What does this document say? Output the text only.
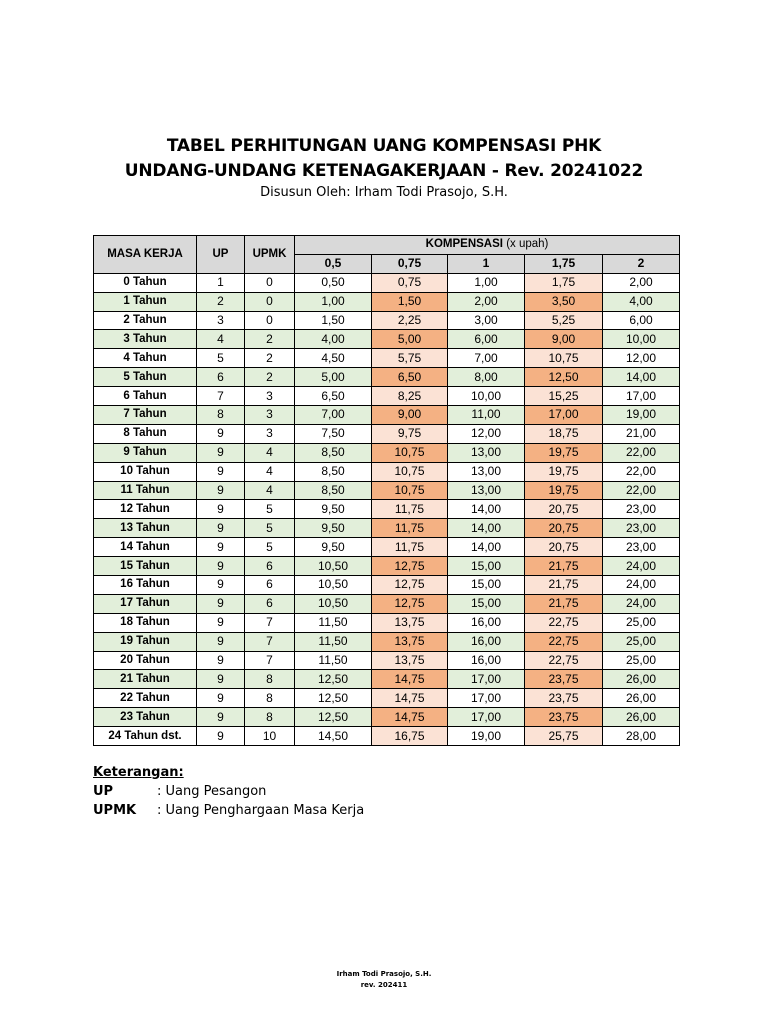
TABEL PERHITUNGAN UANG KOMPENSASI PHK
UNDANG-UNDANG KETENAGAKERJAAN - Rev. 20241022
Disusun Oleh: Irham Todi Prasojo, S.H.
MASA KERJA	UP	UPMK	KOMPENSASI (x upah)				
			0,5	0,75	1	1,75	2
0 Tahun	1	0	0,50	0,75	1,00	1,75	2,00
1 Tahun	2	0	1,00	1,50	2,00	3,50	4,00
2 Tahun	3	0	1,50	2,25	3,00	5,25	6,00
3 Tahun	4	2	4,00	5,00	6,00	9,00	10,00
4 Tahun	5	2	4,50	5,75	7,00	10,75	12,00
5 Tahun	6	2	5,00	6,50	8,00	12,50	14,00
6 Tahun	7	3	6,50	8,25	10,00	15,25	17,00
7 Tahun	8	3	7,00	9,00	11,00	17,00	19,00
8 Tahun	9	3	7,50	9,75	12,00	18,75	21,00
9 Tahun	9	4	8,50	10,75	13,00	19,75	22,00
10 Tahun	9	4	8,50	10,75	13,00	19,75	22,00
11 Tahun	9	4	8,50	10,75	13,00	19,75	22,00
12 Tahun	9	5	9,50	11,75	14,00	20,75	23,00
13 Tahun	9	5	9,50	11,75	14,00	20,75	23,00
14 Tahun	9	5	9,50	11,75	14,00	20,75	23,00
15 Tahun	9	6	10,50	12,75	15,00	21,75	24,00
16 Tahun	9	6	10,50	12,75	15,00	21,75	24,00
17 Tahun	9	6	10,50	12,75	15,00	21,75	24,00
18 Tahun	9	7	11,50	13,75	16,00	22,75	25,00
19 Tahun	9	7	11,50	13,75	16,00	22,75	25,00
20 Tahun	9	7	11,50	13,75	16,00	22,75	25,00
21 Tahun	9	8	12,50	14,75	17,00	23,75	26,00
22 Tahun	9	8	12,50	14,75	17,00	23,75	26,00
23 Tahun	9	8	12,50	14,75	17,00	23,75	26,00
24 Tahun dst.	9	10	14,50	16,75	19,00	25,75	28,00
Keterangan:
UP	: Uang Pesangon
UPMK	: Uang Penghargaan Masa Kerja
Irham Todi Prasojo, S.H.
rev. 202411
